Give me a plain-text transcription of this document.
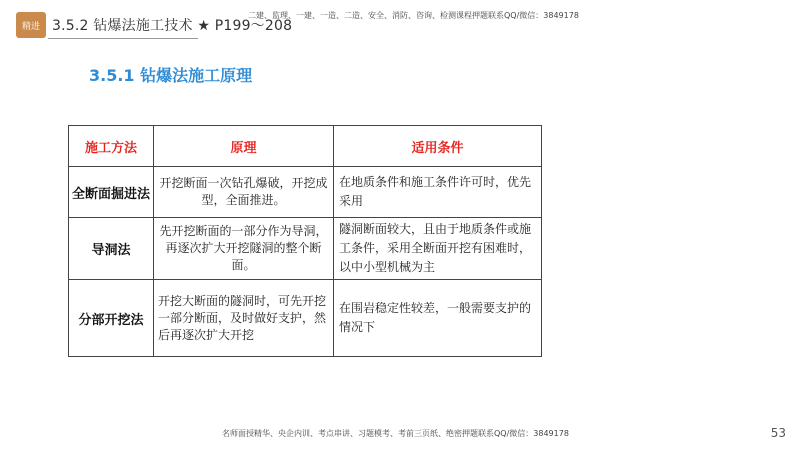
精进 3.5.2 钻爆法施工技术 ★ P199～208
二建、监理、一建、一造、二造、安全、消防、咨询、检测课程押题联系QQ/微信：3849178
3.5.1 钻爆法施工原理
施工方法	原理	适用条件
全断面掘进法	开挖断面一次钻孔爆破，开挖成型，全面推进。	在地质条件和施工条件许可时，优先采用
导洞法	先开挖断面的一部分作为导洞，再逐次扩大开挖隧洞的整个断面。	隧洞断面较大，且由于地质条件或施工条件，采用全断面开挖有困难时，以中小型机械为主
分部开挖法	开挖大断面的隧洞时，可先开挖一部分断面，及时做好支护，然后再逐次扩大开挖	在围岩稳定性较差，一般需要支护的情况下
名师面授精华、央企内训、考点串讲、习题模考、考前三页纸、绝密押题联系QQ/微信：3849178	53
